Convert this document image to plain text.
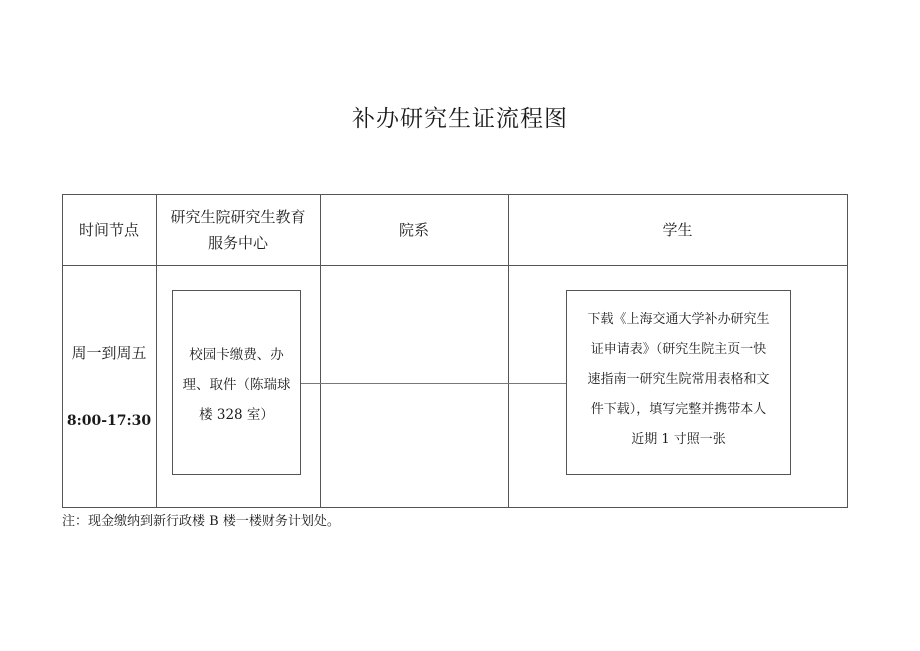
补办研究生证流程图
时间节点
研究生院研究生教育
服务中心
院系	学生
周一到周五
8:00-17:30
校园卡缴费、办
理、取件（陈瑞球
楼 328 室）
下载《上海交通大学补办研究生
证申请表》（研究生院主页一快
速指南一研究生院常用表格和文
件下载），填写完整并携带本人
近期 1 寸照一张
注：现金缴纳到新行政楼 B 楼一楼财务计划处。
